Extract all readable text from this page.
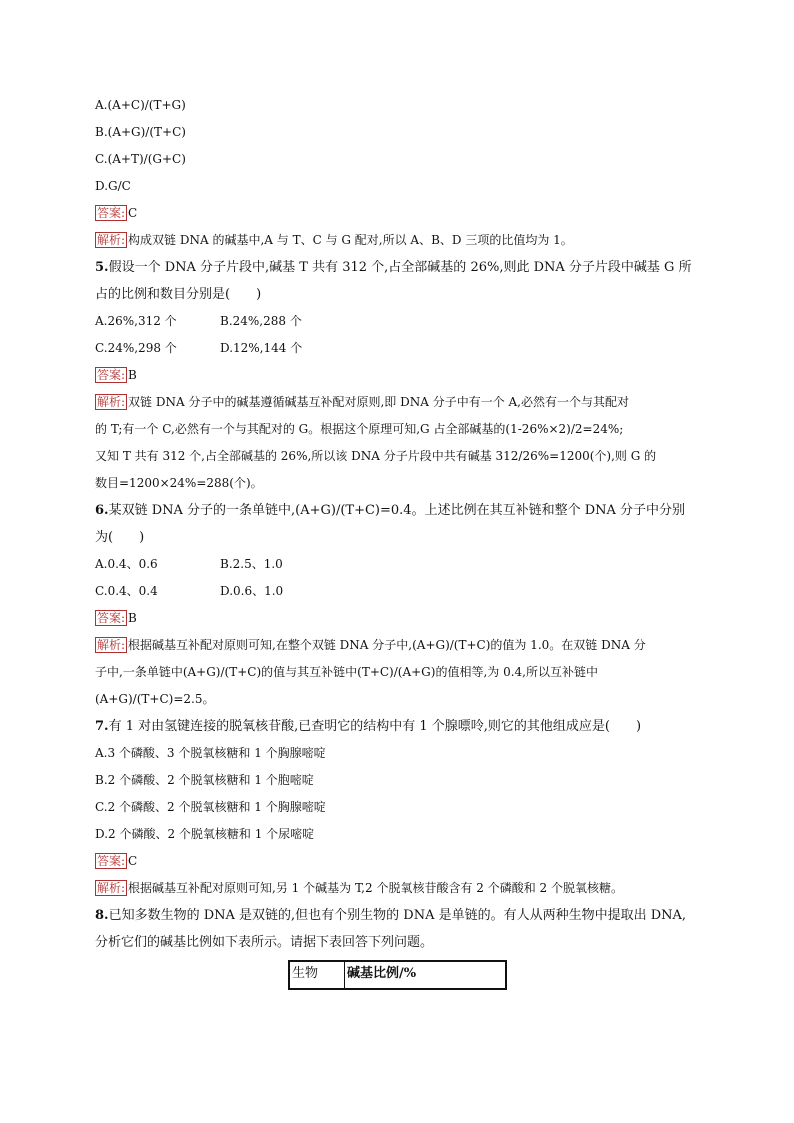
A.(A+C)/(T+G)
B.(A+G)/(T+C)
C.(A+T)/(G+C)
D.G/C
答案: C
解析: 构成双链 DNA 的碱基中,A 与 T、C 与 G 配对,所以 A、B、D 三项的比值均为 1。
5.假设一个 DNA 分子片段中,碱基 T 共有 312 个,占全部碱基的 26%,则此 DNA 分子片段中碱基 G 所
占的比例和数目分别是(　　)
A.26%,312 个	B.24%,288 个
C.24%,298 个	D.12%,144 个
答案: B
解析: 双链 DNA 分子中的碱基遵循碱基互补配对原则,即 DNA 分子中有一个 A,必然有一个与其配对
的 T;有一个 C,必然有一个与其配对的 G。根据这个原理可知,G 占全部碱基的(1-26%×2)/2=24%;
又知 T 共有 312 个,占全部碱基的 26%,所以该 DNA 分子片段中共有碱基 312/26%=1200(个),则 G 的
数目=1200×24%=288(个)。
6.某双链 DNA 分子的一条单链中,(A+G)/(T+C)=0.4。上述比例在其互补链和整个 DNA 分子中分别
为(　　)
A.0.4、0.6	B.2.5、1.0
C.0.4、0.4	D.0.6、1.0
答案: B
解析: 根据碱基互补配对原则可知,在整个双链 DNA 分子中,(A+G)/(T+C)的值为 1.0。在双链 DNA 分
子中,一条单链中(A+G)/(T+C)的值与其互补链中(T+C)/(A+G)的值相等,为 0.4,所以互补链中
(A+G)/(T+C)=2.5。
7.有 1 对由氢键连接的脱氧核苷酸,已查明它的结构中有 1 个腺嘌呤,则它的其他组成应是(　　)
A.3 个磷酸、3 个脱氧核糖和 1 个胸腺嘧啶
B.2 个磷酸、2 个脱氧核糖和 1 个胞嘧啶
C.2 个磷酸、2 个脱氧核糖和 1 个胸腺嘧啶
D.2 个磷酸、2 个脱氧核糖和 1 个尿嘧啶
答案: C
解析: 根据碱基互补配对原则可知,另 1 个碱基为 T,2 个脱氧核苷酸含有 2 个磷酸和 2 个脱氧核糖。
8.已知多数生物的 DNA 是双链的,但也有个别生物的 DNA 是单链的。有人从两种生物中提取出 DNA,
分析它们的碱基比例如下表所示。请据下表回答下列问题。
生物	碱基比例/%
